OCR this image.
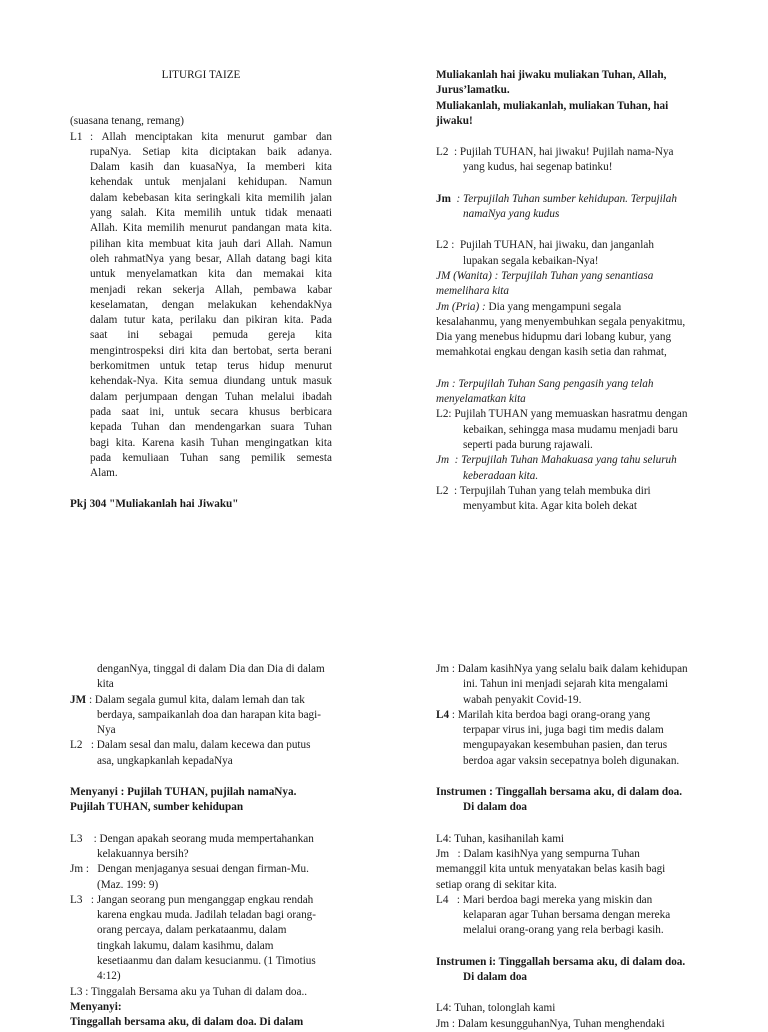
LITURGI TAIZE
(suasana tenang, remang)
L1 : Allah menciptakan kita menurut gambar dan
rupaNya. Setiap kita diciptakan baik adanya.
Dalam kasih dan kuasaNya, Ia memberi kita
kehendak untuk menjalani kehidupan. Namun
dalam kebebasan kita seringkali kita memilih jalan
yang salah. Kita memilih untuk tidak menaati
Allah. Kita memilih menurut pandangan mata kita.
pilihan kita membuat kita jauh dari Allah. Namun
oleh rahmatNya yang besar, Allah datang bagi kita
untuk menyelamatkan kita dan memakai kita
menjadi rekan sekerja Allah, pembawa kabar
keselamatan, dengan melakukan kehendakNya
dalam tutur kata, perilaku dan pikiran kita. Pada
saat ini sebagai pemuda gereja kita
mengintrospeksi diri kita dan bertobat, serta berani
berkomitmen untuk tetap terus hidup menurut
kehendak-Nya. Kita semua diundang untuk masuk
dalam perjumpaan dengan Tuhan melalui ibadah
pada saat ini, untuk secara khusus berbicara
kepada Tuhan dan mendengarkan suara Tuhan
bagi kita. Karena kasih Tuhan mengingatkan kita
pada kemuliaan Tuhan sang pemilik semesta
Alam.
Pkj 304 "Muliakanlah hai Jiwaku"
Muliakanlah hai jiwaku muliakan Tuhan, Allah,
Jurus’lamatku.
Muliakanlah, muliakanlah, muliakan Tuhan, hai
jiwaku!
L2 : Pujilah TUHAN, hai jiwaku! Pujilah nama-Nya
yang kudus, hai segenap batinku!
Jm : Terpujilah Tuhan sumber kehidupan. Terpujilah
namaNya yang kudus
L2 : Pujilah TUHAN, hai jiwaku, dan janganlah
lupakan segala kebaikan-Nya!
JM (Wanita) : Terpujilah Tuhan yang senantiasa
memelihara kita
Jm (Pria) : Dia yang mengampuni segala
kesalahanmu, yang menyembuhkan segala penyakitmu,
Dia yang menebus hidupmu dari lobang kubur, yang
memahkotai engkau dengan kasih setia dan rahmat,
Jm : Terpujilah Tuhan Sang pengasih yang telah
menyelamatkan kita
L2: Pujilah TUHAN yang memuaskan hasratmu dengan
kebaikan, sehingga masa mudamu menjadi baru
seperti pada burung rajawali.
Jm : Terpujilah Tuhan Mahakuasa yang tahu seluruh
keberadaan kita.
L2 : Terpujilah Tuhan yang telah membuka diri
menyambut kita. Agar kita boleh dekat
denganNya, tinggal di dalam Dia dan Dia di dalam
kita
JM : Dalam segala gumul kita, dalam lemah dan tak
berdaya, sampaikanlah doa dan harapan kita bagi-
Nya
L2 : Dalam sesal dan malu, dalam kecewa dan putus
asa, ungkapkanlah kepadaNya
Menyanyi : Pujilah TUHAN, pujilah namaNya.
Pujilah TUHAN, sumber kehidupan
L3 : Dengan apakah seorang muda mempertahankan
kelakuannya bersih?
Jm : Dengan menjaganya sesuai dengan firman-Mu.
(Maz. 199: 9)
L3 : Jangan seorang pun menganggap engkau rendah
karena engkau muda. Jadilah teladan bagi orang-
orang percaya, dalam perkataanmu, dalam
tingkah lakumu, dalam kasihmu, dalam
kesetiaanmu dan dalam kesucianmu. (1 Timotius
4:12)
L3 : Tinggalah Bersama aku ya Tuhan di dalam doa..
Menyanyi:
Tinggallah bersama aku, di dalam doa. Di dalam
Jm : Dalam kasihNya yang selalu baik dalam kehidupan
ini. Tahun ini menjadi sejarah kita mengalami
wabah penyakit Covid-19.
L4 : Marilah kita berdoa bagi orang-orang yang
terpapar virus ini, juga bagi tim medis dalam
mengupayakan kesembuhan pasien, dan terus
berdoa agar vaksin secepatnya boleh digunakan.
Instrumen : Tinggallah bersama aku, di dalam doa.
Di dalam doa
L4: Tuhan, kasihanilah kami
Jm : Dalam kasihNya yang sempurna Tuhan
memanggil kita untuk menyatakan belas kasih bagi
setiap orang di sekitar kita.
L4 : Mari berdoa bagi mereka yang miskin dan
kelaparan agar Tuhan bersama dengan mereka
melalui orang-orang yang rela berbagi kasih.
Instrumen i: Tinggallah bersama aku, di dalam doa.
Di dalam doa
L4: Tuhan, tolonglah kami
Jm : Dalam kesungguhanNya, Tuhan menghendaki
